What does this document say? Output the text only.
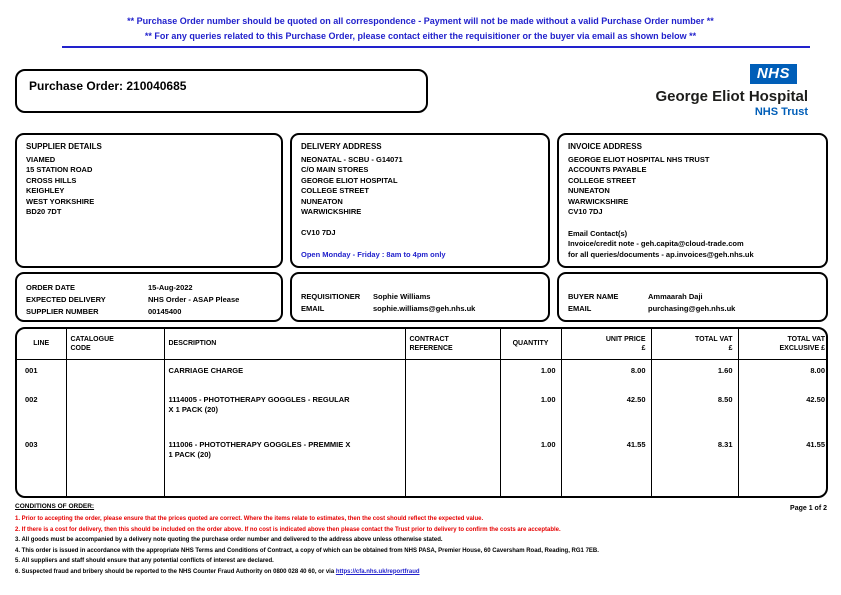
** Purchase Order number should be quoted on all correspondence - Payment will not be made without a valid Purchase Order number **
** For any queries related to this Purchase Order, please contact either the requisitioner or the buyer via email as shown below **
Purchase Order: 210040685
NHS
George Eliot Hospital
NHS Trust
SUPPLIER DETAILS
VIAMED
15 STATION ROAD
CROSS HILLS
KEIGHLEY
WEST YORKSHIRE
BD20 7DT
DELIVERY ADDRESS
NEONATAL - SCBU - G14071
C/O MAIN STORES
GEORGE ELIOT HOSPITAL
COLLEGE STREET
NUNEATON
WARWICKSHIRE
CV10 7DJ
Open Monday - Friday : 8am to 4pm only
INVOICE ADDRESS
GEORGE ELIOT HOSPITAL NHS TRUST
ACCOUNTS PAYABLE
COLLEGE STREET
NUNEATON
WARWICKSHIRE
CV10 7DJ
Email Contact(s)
Invoice/credit note - geh.capita@cloud-trade.com
for all queries/documents - ap.invoices@geh.nhs.uk
ORDER DATE	15-Aug-2022
EXPECTED DELIVERY	NHS Order - ASAP Please
SUPPLIER NUMBER	00145400
REQUISITIONER	Sophie Williams
EMAIL	sophie.williams@geh.nhs.uk
BUYER NAME	Ammaarah Daji
EMAIL	purchasing@geh.nhs.uk
LINE

CATALOGUE
CODE

DESCRIPTION

CONTRACT
REFERENCE

QUANTITY

UNIT PRICE
£

TOTAL VAT
£

TOTAL VAT
EXCLUSIVE £

001		CARRIAGE CHARGE		1.00	8.00	1.60	8.00
002		1114005 - PHOTOTHERAPY GOGGLES - REGULAR X 1 PACK (20)		1.00	42.50	8.50	42.50
003		111006 - PHOTOTHERAPY GOGGLES - PREMMIE X 1 PACK (20)		1.00	41.55	8.31	41.55

CONDITIONS OF ORDER:
1. Prior to accepting the order, please ensure that the prices quoted are correct. Where the items relate to estimates, then the cost should reflect the expected value.
2. If there is a cost for delivery, then this should be included on the order above. If no cost is indicated above then please contact the Trust prior to delivery to confirm the costs are acceptable.
3. All goods must be accompanied by a delivery note quoting the purchase order number and delivered to the address above unless otherwise stated.
4. This order is issued in accordance with the appropriate NHS Terms and Conditions of Contract, a copy of which can be obtained from NHS PASA, Premier House, 60 Caversham Road, Reading, RG1 7EB.
5. All suppliers and staff should ensure that any potential conflicts of interest are declared.
6. Suspected fraud and bribery should be reported to the NHS Counter Fraud Authority on 0800 028 40 60, or via https://cfa.nhs.uk/reportfraud
Page 1 of 2
